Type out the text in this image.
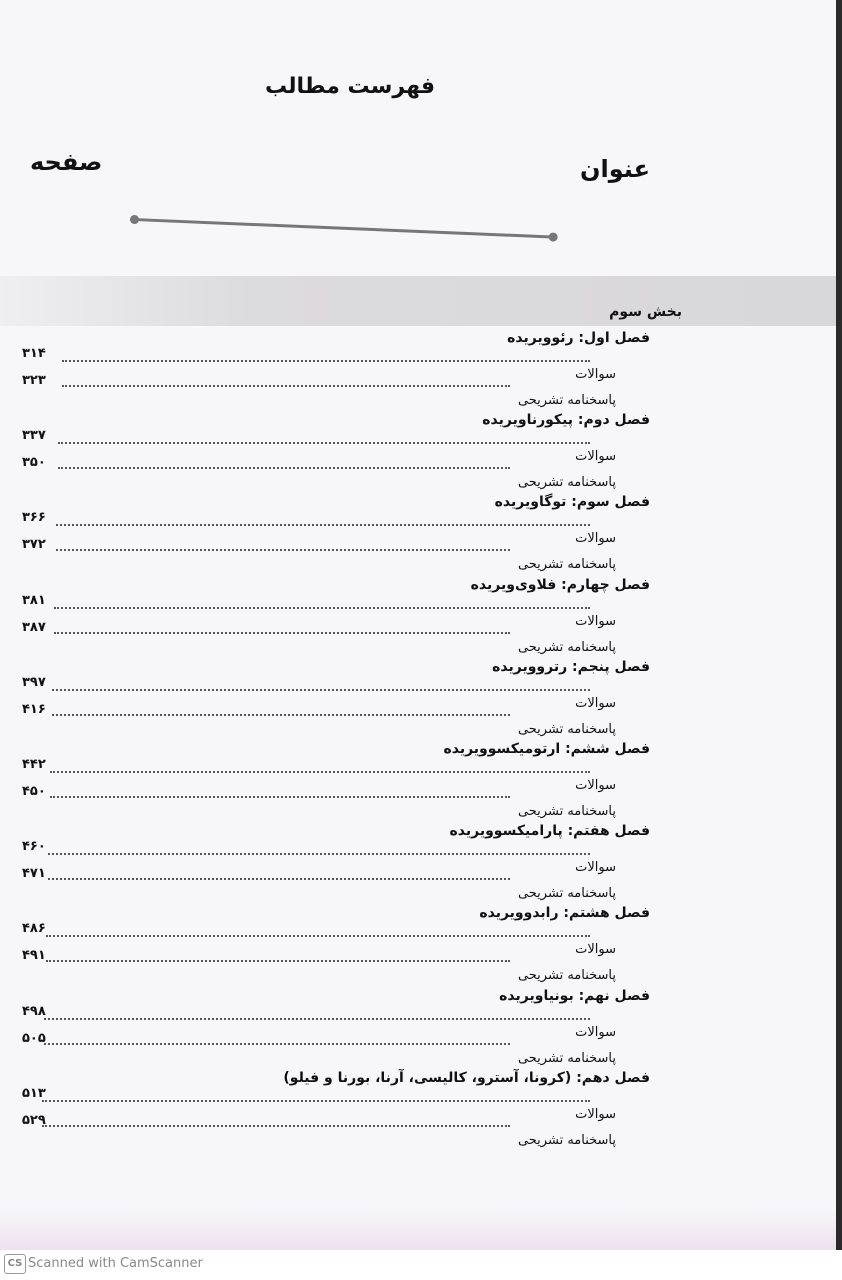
فهرست مطالب
عنوان
صفحه
بخش سوم
فصل اول: رئوویریده
۳۱۴
سوالات
۳۲۳
پاسخنامه تشریحی
فصل دوم: پیکورناویریده
۳۳۷
سوالات
۳۵۰
پاسخنامه تشریحی
فصل سوم: توگاویریده
۳۶۶
سوالات
۳۷۲
پاسخنامه تشریحی
فصل چهارم: فلاوی‌ویریده
۳۸۱
سوالات
۳۸۷
پاسخنامه تشریحی
فصل پنجم: رتروویریده
۳۹۷
سوالات
۴۱۶
پاسخنامه تشریحی
فصل ششم: ارتومیکسوویریده
۴۴۲
سوالات
۴۵۰
پاسخنامه تشریحی
فصل هفتم: پارامیکسوویریده
۴۶۰
سوالات
۴۷۱
پاسخنامه تشریحی
فصل هشتم: رابدوویریده
۴۸۶
سوالات
۴۹۱
پاسخنامه تشریحی
فصل نهم: بونیاویریده
۴۹۸
سوالات
۵۰۵
پاسخنامه تشریحی
فصل دهم: (کرونا، آسترو، کالیسی، آرنا، بورنا و فیلو)
۵۱۳
سوالات
۵۲۹
پاسخنامه تشریحی
CS Scanned with CamScanner
